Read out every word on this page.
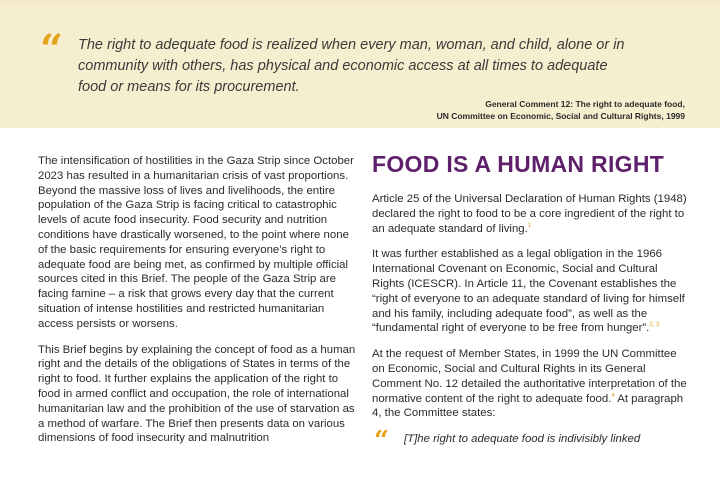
“ The right to adequate food is realized when every man, woman, and child, alone or in community with others, has physical and economic access at all times to adequate food or means for its procurement.
General Comment 12: The right to adequate food,
UN Committee on Economic, Social and Cultural Rights, 1999

The intensification of hostilities in the Gaza Strip since October 2023 has resulted in a humanitarian crisis of vast proportions. Beyond the massive loss of lives and livelihoods, the entire population of the Gaza Strip is facing critical to catastrophic levels of acute food insecurity. Food security and nutrition conditions have drastically worsened, to the point where none of the basic requirements for ensuring everyone’s right to adequate food are being met, as confirmed by multiple official sources cited in this Brief. The people of the Gaza Strip are facing famine – a risk that grows every day that the current situation of intense hostilities and restricted humanitarian access persists or worsens.

This Brief begins by explaining the concept of food as a human right and the details of the obligations of States in terms of the right to food. It further explains the application of the right to food in armed conflict and occupation, the role of international humanitarian law and the prohibition of the use of starvation as a method of warfare. The Brief then presents data on various dimensions of food insecurity and malnutrition

FOOD IS A HUMAN RIGHT

Article 25 of the Universal Declaration of Human Rights (1948) declared the right to food to be a core ingredient of the right to an adequate standard of living.$^1$

It was further established as a legal obligation in the 1966 International Covenant on Economic, Social and Cultural Rights (ICESCR). In Article 11, the Covenant establishes the “right of everyone to an adequate standard of living for himself and his family, including adequate food”, as well as the “fundamental right of everyone to be free from hunger”.$^{2, 3}$

At the request of Member States, in 1999 the UN Committee on Economic, Social and Cultural Rights in its General Comment No. 12 detailed the authoritative interpretation of the normative content of the right to adequate food.$^4$ At paragraph 4, the Committee states:

“ [T]he right to adequate food is indivisibly linked
